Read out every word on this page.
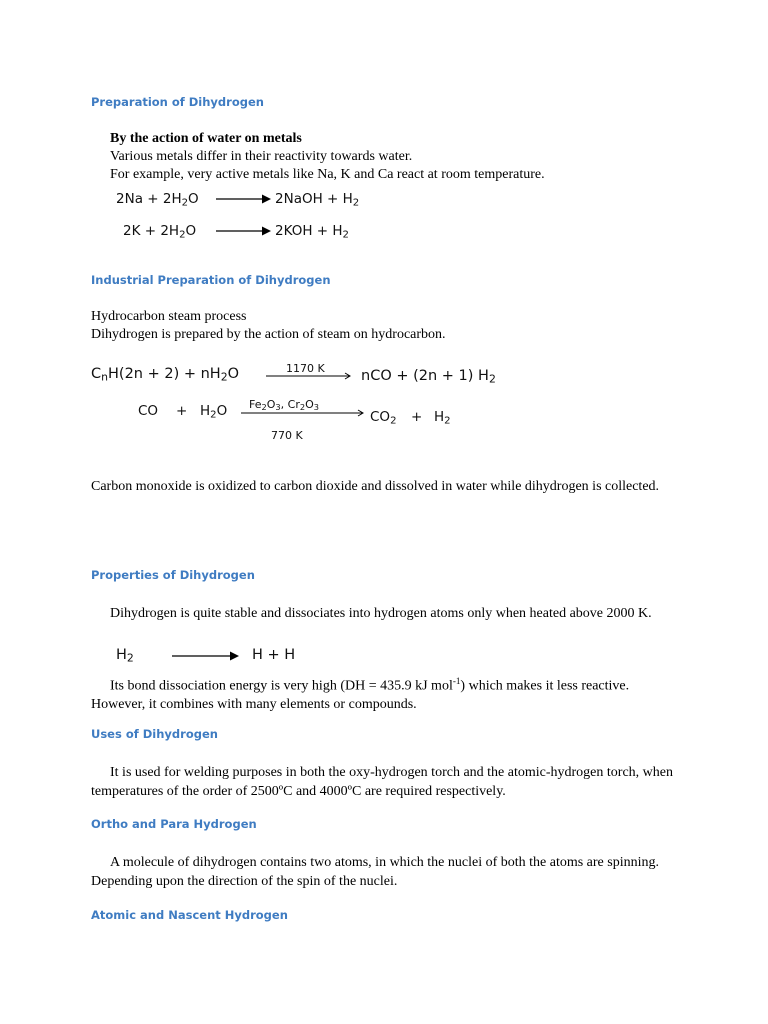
Preparation of Dihydrogen
By the action of water on metals
Various metals differ in their reactivity towards water.
For example, very active metals like Na, K and Ca react at room temperature.
$2Na + 2H_2O$ → 2NaOH + $H_2$
$2K + 2H_2O \to 2KOH + H_2$
Industrial Preparation of Dihydrogen
Hydrocarbon steam process
Dihydrogen is prepared by the action of steam on hydrocarbon.
$C_nH(2n + 2) + nH_2O$	1170 K	nCO + (2n + 1) $H_2$
CO + $H_2O$ $Fe_2O_3$, $Cr_2O_3$
770 K
$CO_2 + H_2$
Carbon monoxide is oxidized to carbon dioxide and dissolved in water while dihydrogen is collected.
Properties of Dihydrogen
Dihydrogen is quite stable and dissociates into hydrogen atoms only when heated above 2000 K.
$H_2$	H + H
Its bond dissociation energy is very high (DH = 435.9 kJ mol$^{-1}$) which makes it less reactive. However, it combines with many elements or compounds.
Uses of Dihydrogen
It is used for welding purposes in both the oxy-hydrogen torch and the atomic-hydrogen torch, when temperatures of the order of 2500ºC and 4000ºC are required respectively.
Ortho and Para Hydrogen
A molecule of dihydrogen contains two atoms, in which the nuclei of both the atoms are spinning. Depending upon the direction of the spin of the nuclei.
Atomic and Nascent Hydrogen
